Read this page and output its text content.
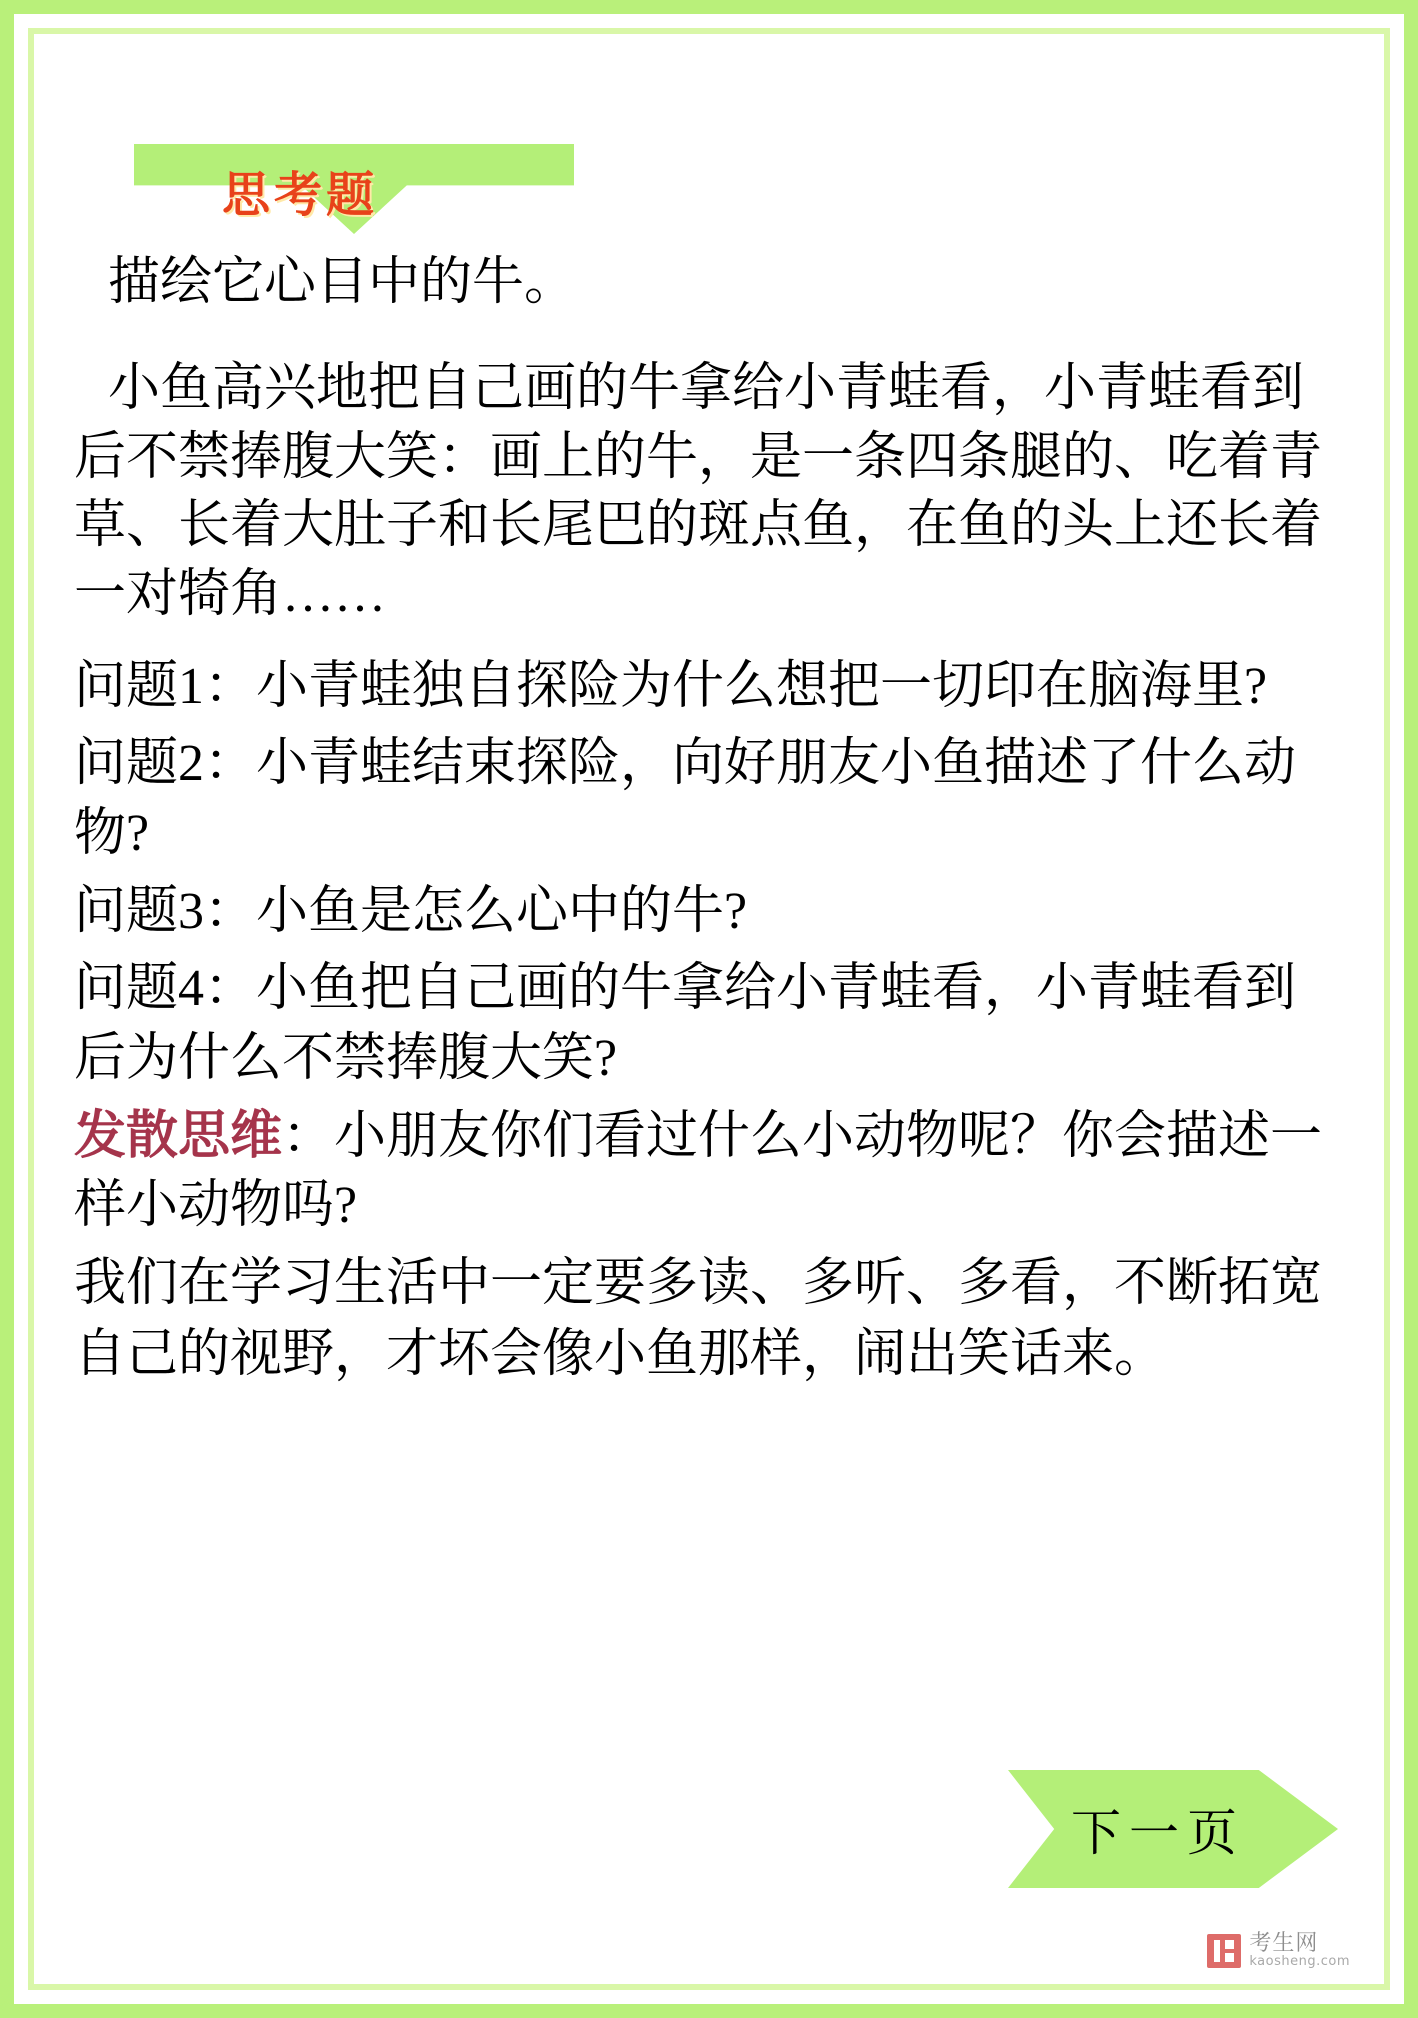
思考题

描绘它心目中的牛。

小鱼高兴地把自己画的牛拿给小青蛙看，小青蛙看到后不禁捧腹大笑：画上的牛，是一条四条腿的、吃着青草、长着大肚子和长尾巴的斑点鱼，在鱼的头上还长着一对犄角……

问题1：小青蛙独自探险为什么想把一切印在脑海里?

问题2：小青蛙结束探险，向好朋友小鱼描述了什么动物?

问题3：小鱼是怎么心中的牛?

问题4：小鱼把自己画的牛拿给小青蛙看，小青蛙看到后为什么不禁捧腹大笑?

发散思维：小朋友你们看过什么小动物呢？你会描述一样小动物吗?

我们在学习生活中一定要多读、多听、多看，不断拓宽自己的视野，才坏会像小鱼那样，闹出笑话来。

下一页
考生网
kaosheng.com
